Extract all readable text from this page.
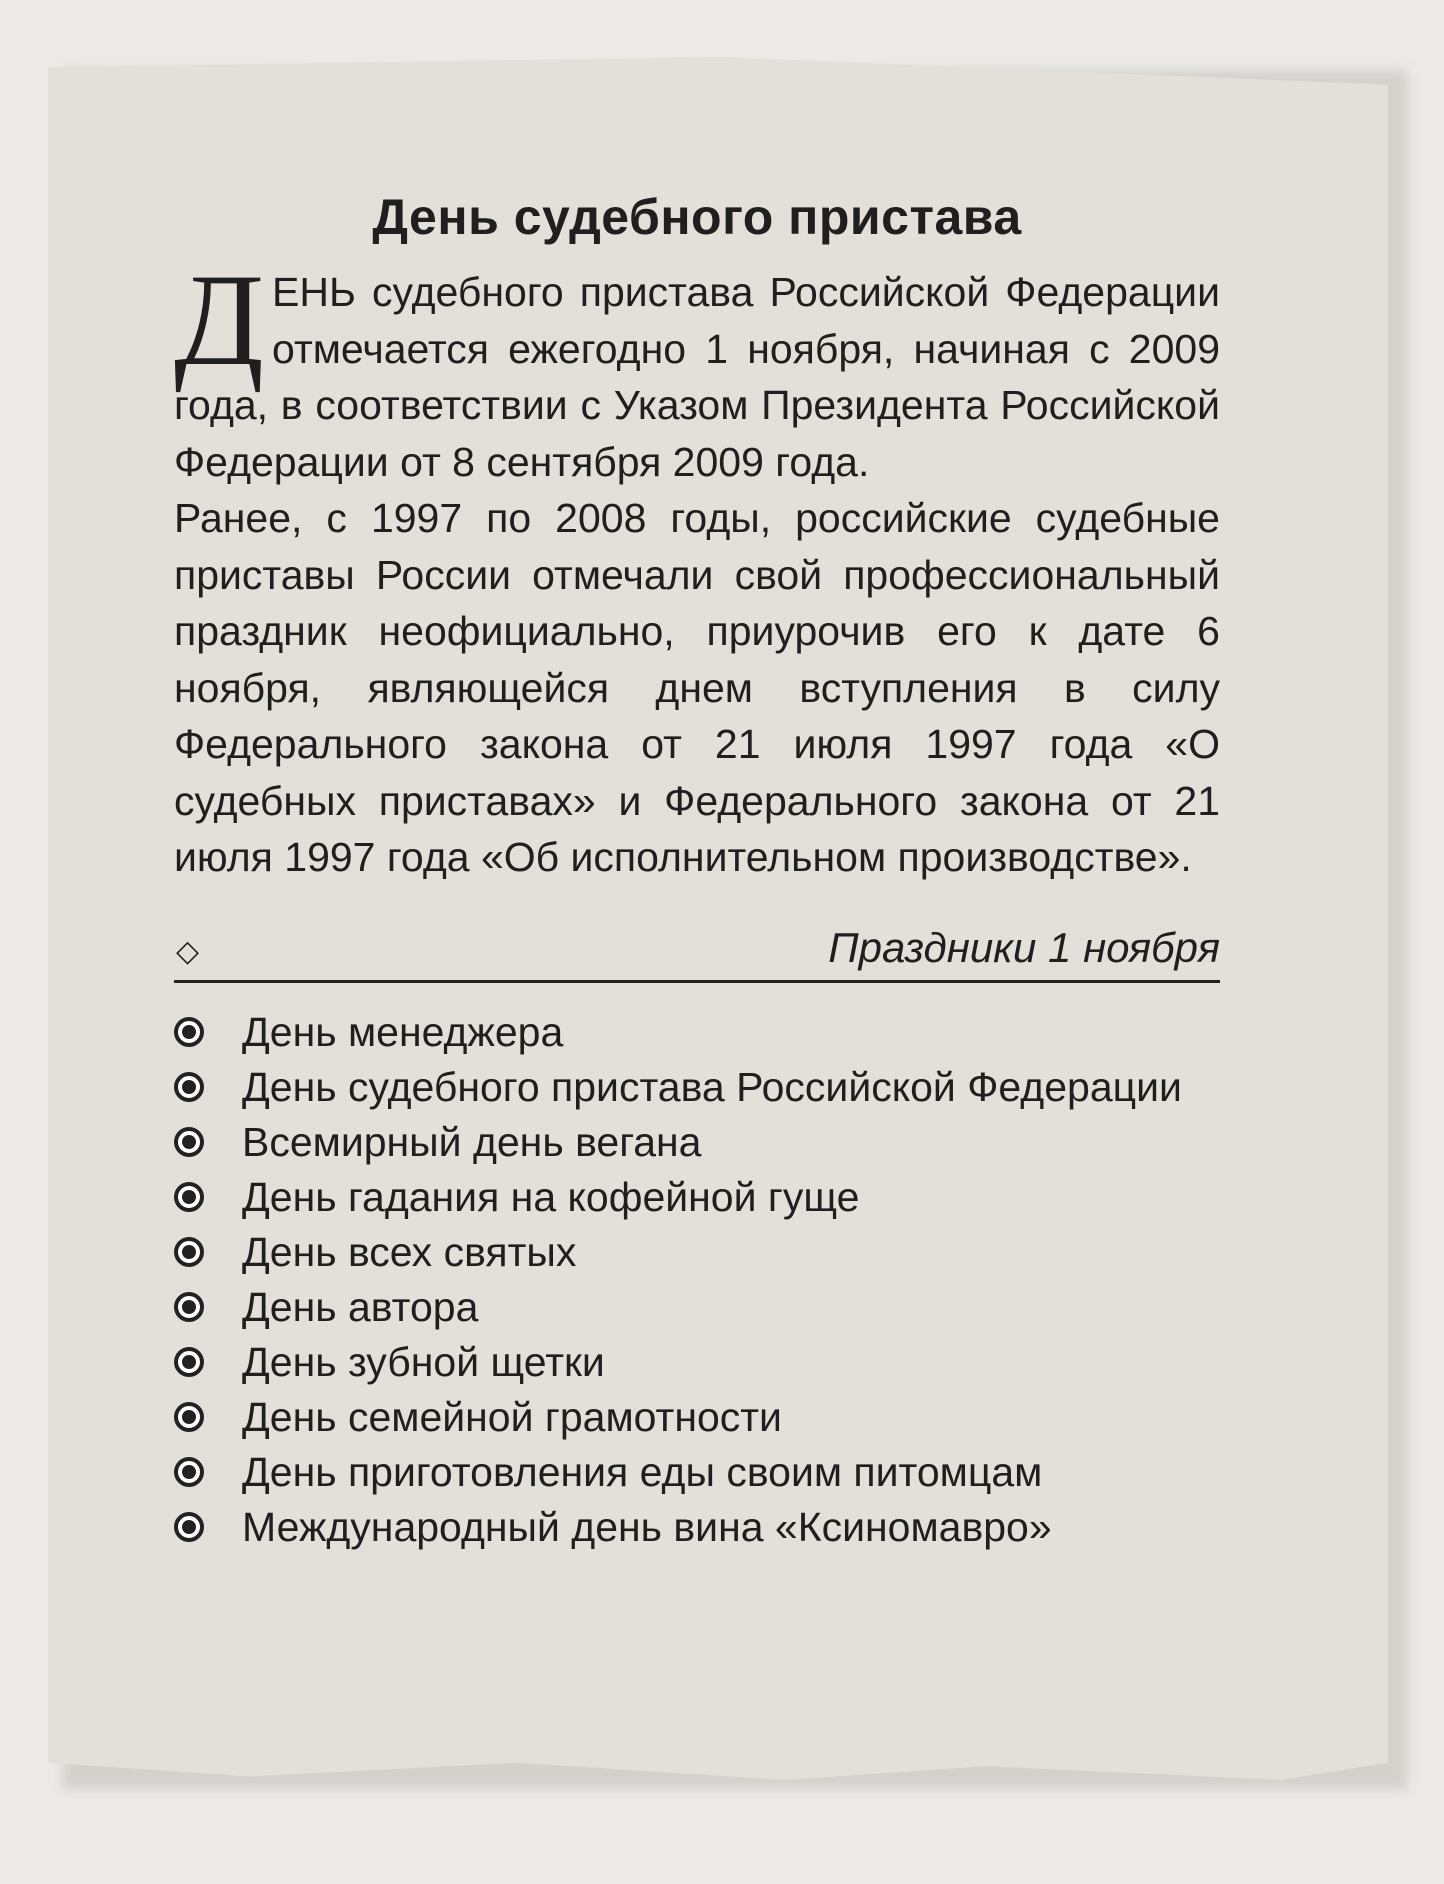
День судебного пристава

Д ЕНЬ судебного пристава Российской Федерации отмечается ежегодно 1 ноября, начиная с 2009 года, в соответствии с Указом Президента Российской Федерации от 8 сентября 2009 года.

Ранее, с 1997 по 2008 годы, российские судебные приставы России отмечали свой профессиональный праздник неофициально, приурочив его к дате 6 ноября, являющейся днем вступления в силу Федерального закона от 21 июля 1997 года «О судебных приставах» и Федерального закона от 21 июля 1997 года «Об исполнительном производстве».

◇	Праздники 1 ноября
День менеджера
День судебного пристава Российской Федерации
Всемирный день вегана
День гадания на кофейной гуще
День всех святых
День автора
День зубной щетки
День семейной грамотности
День приготовления еды своим питомцам
Международный день вина «Ксиномавро»
